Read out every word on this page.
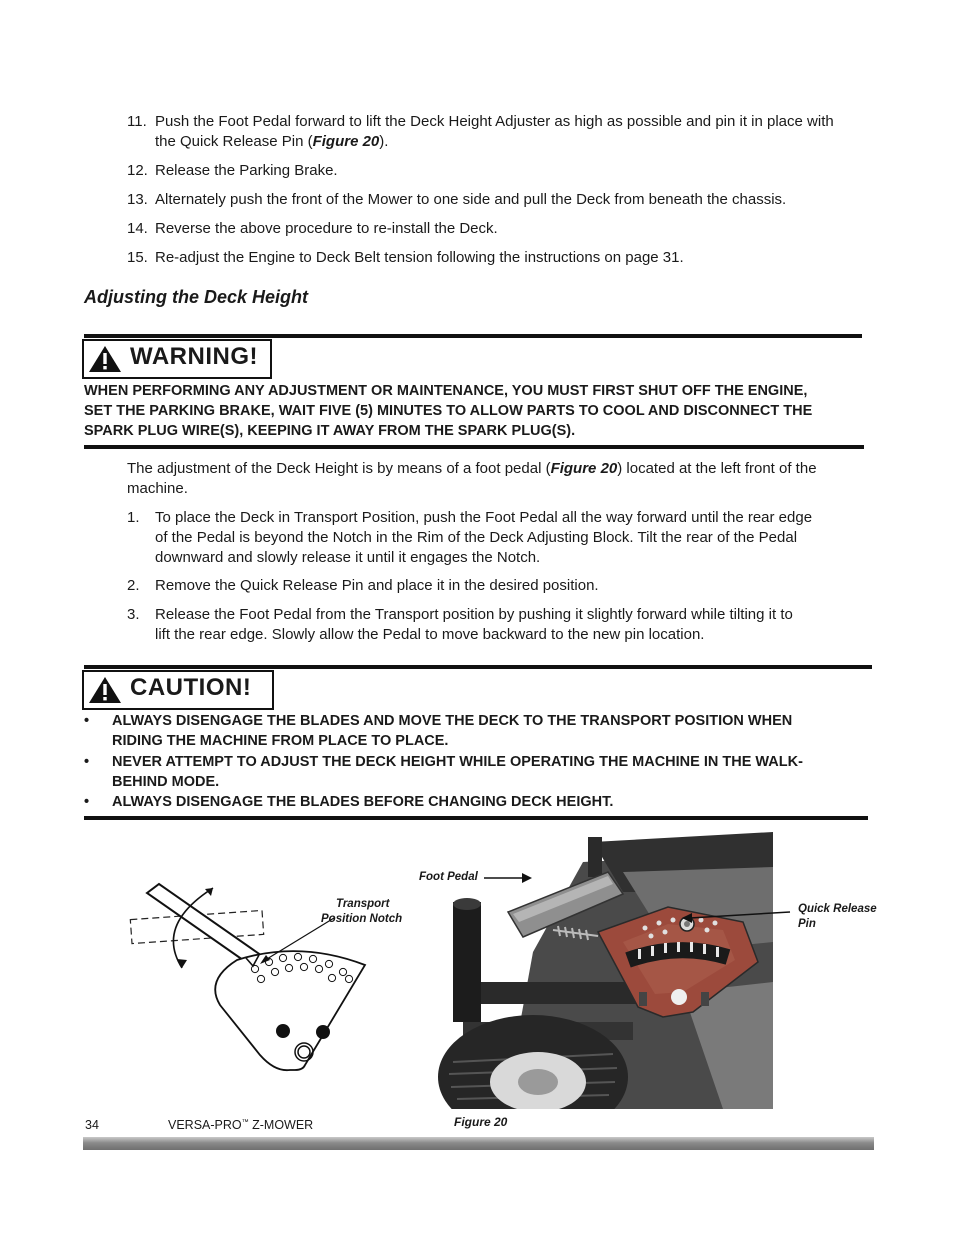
11. Push the Foot Pedal forward to lift the Deck Height Adjuster as high as possible and pin it in place with
the Quick Release Pin (Figure 20).
12. Release the Parking Brake.
13. Alternately push the front of the Mower to one side and pull the Deck from beneath the chassis.
14. Reverse the above procedure to re-install the Deck.
15. Re-adjust the Engine to Deck Belt tension following the instructions on page 31.
Adjusting the Deck Height
WARNING!
WHEN PERFORMING ANY ADJUSTMENT OR MAINTENANCE, YOU MUST FIRST SHUT OFF THE ENGINE,
SET THE PARKING BRAKE, WAIT FIVE (5) MINUTES TO ALLOW PARTS TO COOL AND DISCONNECT THE
SPARK PLUG WIRE(S), KEEPING IT AWAY FROM THE SPARK PLUG(S).
The adjustment of the Deck Height is by means of a foot pedal (Figure 20) located at the left front of the
machine.
1. To place the Deck in Transport Position, push the Foot Pedal all the way forward until the rear edge
of the Pedal is beyond the Notch in the Rim of the Deck Adjusting Block. Tilt the rear of the Pedal
downward and slowly release it until it engages the Notch.
2. Remove the Quick Release Pin and place it in the desired position.
3. Release the Foot Pedal from the Transport position by pushing it slightly forward while tilting it to
lift the rear edge. Slowly allow the Pedal to move backward to the new pin location.
CAUTION!
• ALWAYS DISENGAGE THE BLADES AND MOVE THE DECK TO THE TRANSPORT POSITION WHEN
RIDING THE MACHINE FROM PLACE TO PLACE.
• NEVER ATTEMPT TO ADJUST THE DECK HEIGHT WHILE OPERATING THE MACHINE IN THE WALK-
BEHIND MODE.
• ALWAYS DISENGAGE THE BLADES BEFORE CHANGING DECK HEIGHT.
Transport
Position Notch
Foot Pedal
Quick Release
Pin
Figure 20
34	VERSA-PRO™ Z-MOWER
